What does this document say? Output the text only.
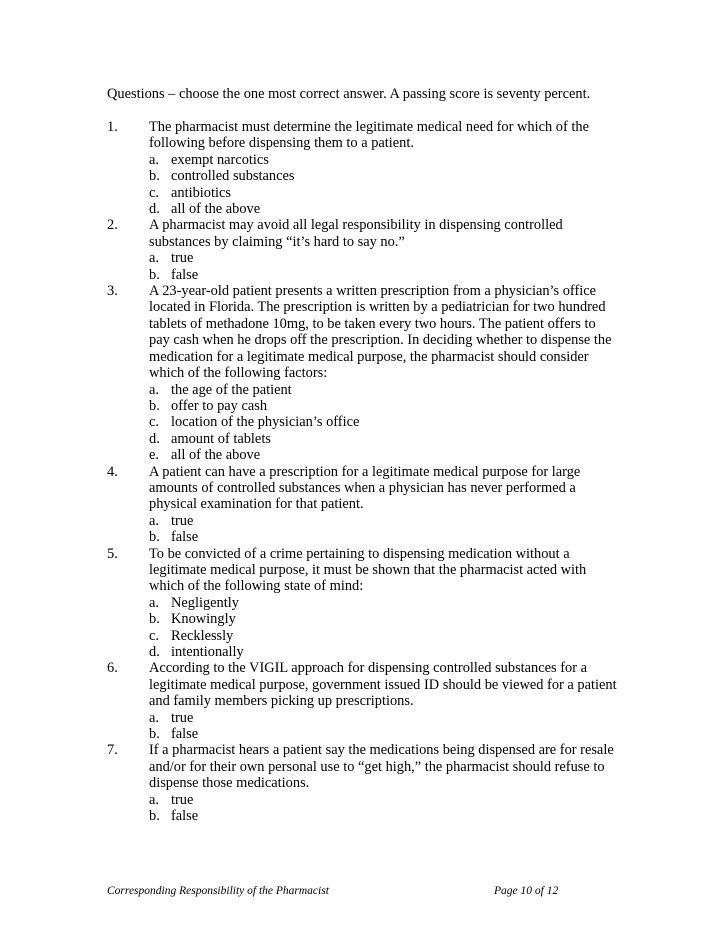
Questions – choose the one most correct answer. A passing score is seventy percent.
1.	The pharmacist must determine the legitimate medical need for which of the
following before dispensing them to a patient.
a. exempt narcotics
b. controlled substances
c. antibiotics
d. all of the above
2.	A pharmacist may avoid all legal responsibility in dispensing controlled
substances by claiming “it’s hard to say no.”
a. true
b. false
3.	A 23-year-old patient presents a written prescription from a physician’s office
located in Florida. The prescription is written by a pediatrician for two hundred
tablets of methadone 10mg, to be taken every two hours. The patient offers to
pay cash when he drops off the prescription. In deciding whether to dispense the
medication for a legitimate medical purpose, the pharmacist should consider
which of the following factors:
a. the age of the patient
b. offer to pay cash
c. location of the physician’s office
d. amount of tablets
e. all of the above
4.	A patient can have a prescription for a legitimate medical purpose for large
amounts of controlled substances when a physician has never performed a
physical examination for that patient.
a. true
b. false
5.	To be convicted of a crime pertaining to dispensing medication without a
legitimate medical purpose, it must be shown that the pharmacist acted with
which of the following state of mind:
a. Negligently
b. Knowingly
c. Recklessly
d. intentionally
6.	According to the VIGIL approach for dispensing controlled substances for a
legitimate medical purpose, government issued ID should be viewed for a patient
and family members picking up prescriptions.
a. true
b. false
7.	If a pharmacist hears a patient say the medications being dispensed are for resale
and/or for their own personal use to “get high,” the pharmacist should refuse to
dispense those medications.
a. true
b. false
Corresponding Responsibility of the Pharmacist	Page 10 of 12
